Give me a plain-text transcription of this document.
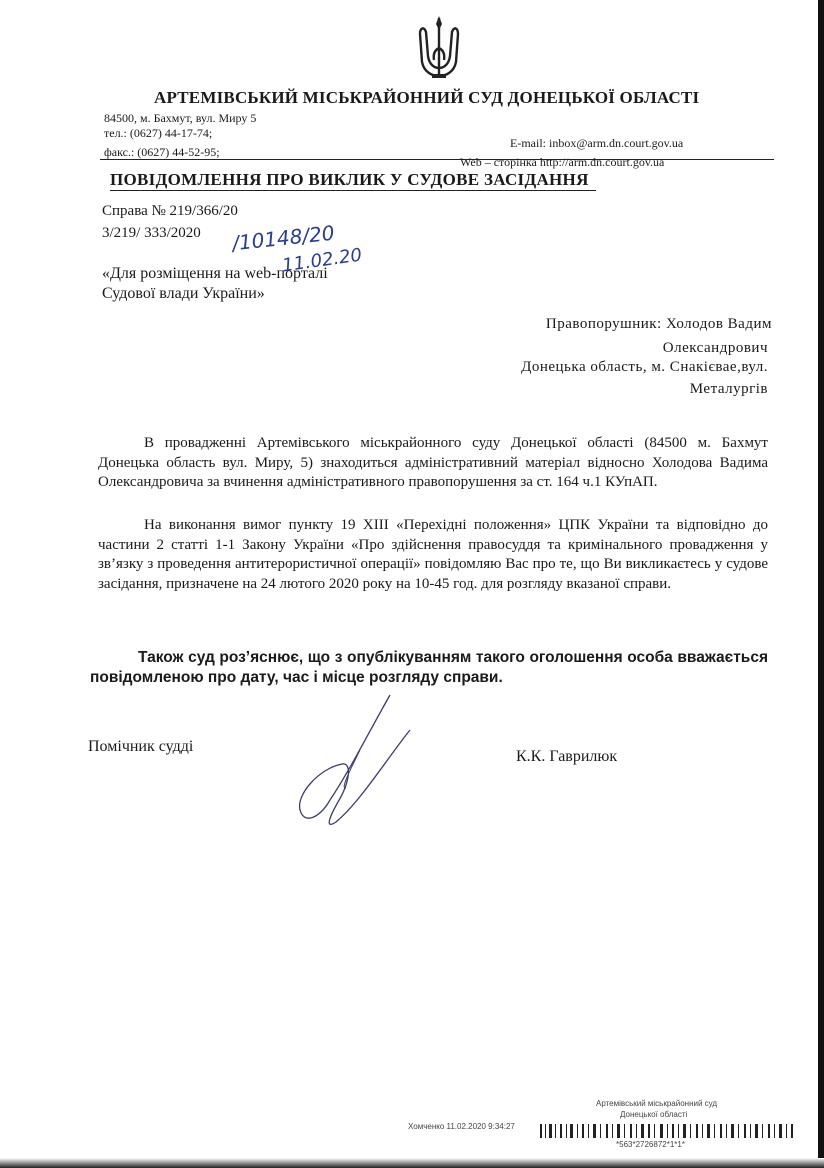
АРТЕМІВСЬКИЙ МІСЬКРАЙОННИЙ СУД ДОНЕЦЬКОЇ ОБЛАСТІ
84500, м. Бахмут, вул. Миру 5
тел.: (0627) 44-17-74;
факс.: (0627) 44-52-95;
E-mail: inbox@arm.dn.court.gov.ua
Web – сторінка http://arm.dn.court.gov.ua
ПОВІДОМЛЕННЯ ПРО ВИКЛИК У СУДОВЕ ЗАСІДАННЯ
Справа № 219/366/20
3/219/ 333/2020 /10148/20
11.02.20
«Для розміщення на web-порталі
Судової влади України»
Правопорушник: Холодов Вадим
Олександрович
Донецька область, м. Снакієвае,вул.
Металургів
В провадженні Артемівського міськрайонного суду Донецької області (84500 м. Бахмут Донецька область вул. Миру, 5) знаходиться адміністративний матеріал відносно Холодова Вадима Олександровича за вчинення адміністративного правопорушення за ст. 164 ч.1 КУпАП.
На виконання вимог пункту 19 ХІІІ «Перехідні положення» ЦПК України та відповідно до частини 2 статті 1-1 Закону України «Про здійснення правосуддя та кримінального провадження у зв’язку з проведення антитерористичної операції» повідомляю Вас про те, що Ви викликаєтесь у судове засідання, призначене на 24 лютого 2020 року на 10-45 год. для розгляду вказаної справи.
Також суд роз’яснює, що з опублікуванням такого оголошення особа вважається повідомленою про дату, час і місце розгляду справи.
Помічник судді
К.К. Гаврилюк
Артемівський міськрайонний суд
Донецької області
Хомченко 11.02.2020 9:34:27
*563*2726872*1*1*
